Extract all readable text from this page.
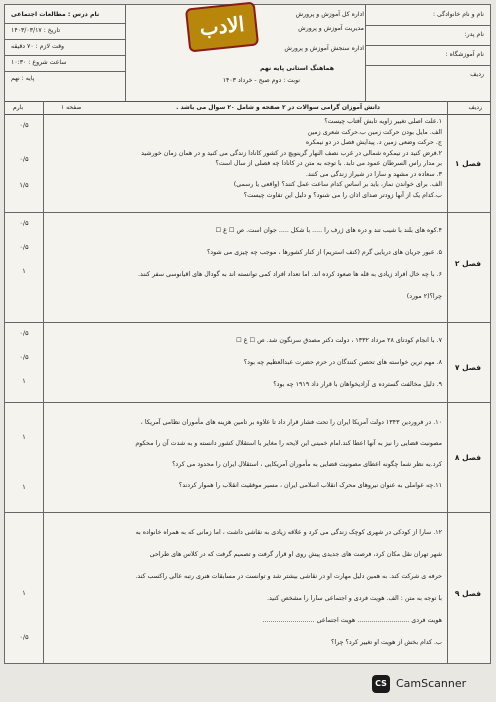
الادب	نام و نام خانوادگی :
نام پدر:
نام آموزشگاه :
ردیف
اداره کل آموزش و پرورش
مدیریت آموزش و پرورش
اداره سنجش آموزش و پرورش
هماهنگ استانی پایه نهم
نوبت : دوم صبح - خرداد ۱۴۰۳
نام درس : مطالعات اجتماعی
تاریخ : ۱۴۰۳/۰۳/۱۷
وقت لازم : ۷۰ دقیقه
ساعت شروع : ۱۰:۳۰
پایه : نهم
ردیف
دانش آموزان گرامی سوالات در ۲ صفحه و شامل ۲۰ سوال می باشد .
صفحه ۱
بارم
فصل ۱

۱.علت اصلی تغییر زاویه تابش آفتاب چیست؟

الف. مایل بودن حرکت زمین ب.حرکت شعری زمین

ج. حرکت وضعی زمین د. پیدایش فصل در دو نیمکره

۲.فرض کنید در نیمکره شمالی در غرب نصف النهار گرینویچ در کشور کانادا زندگی می کنید و در همان زمان خورشید

بر مدار راس السرطان عمود می تابد. با توجه به متن در کانادا چه فصلی از سال است؟

۳. سعاده در مشهد و سارا در شیراز زندگی می کنند.

الف. برای خواندن نماز، باید بر اساس کدام ساعت عمل کنند؟ (واقعی یا رسمی)

ب.کدام یک از آنها زودتر صدای اذان را می شنود؟ و دلیل این تفاوت چیست؟

۰/۵
۰/۵
۱/۵
فصل ۲

۴.کوه های بلند با شیب تند و دره های ژرف را ..... با شکل ..... جوان است. ص ☐ غ ☐

۵. عبور جریان های دریایی گرم (کنف استریم) از کنار کشورها ، موجب چه چیزی می شود؟

۶. با چه خال افراد زیادی به قله ها صعود کرده اند. اما تعداد افراد کمی توانسته اند به گودال های اقیانوسی سفر کنند.

چرا؟(۲ مورد)

۰/۵
۰/۵
۱
فصل ۷

۷. با انجام کودتای ۲۸ مرداد ۱۳۳۲ ، دولت دکتر مصدق سرنگون شد. ص ☐ غ ☐

۸. مهم ترین خواسته های تحصن کنندگان در حرم حضرت عبدالعظیم چه بود؟

۹. دلیل مخالفت گسترده ی آزادیخواهان با قرار داد ۱۹۱۹ چه بود؟

۰/۵
۰/۵
۱
فصل ۸

۱۰. در فروردین ۱۳۴۳ دولت آمریکا ایران را تحت فشار قرار داد تا علاوه بر تامین هزینه های مأموران نظامی آمریکا ،

مصونیت قضایی را نیز به آنها اعطا کند.امام خمینی این لایحه را مغایر با استقلال کشور دانسته و به شدت آن را محکوم

کرد.به نظر شما چگونه اعطای مصونیت قضایی به مأموران آمریکایی ، استقلال ایران را محدود می کرد؟

۱۱.چه عواملی به عنوان نیروهای محرک انقلاب اسلامی ایران ، مسیر موفقیت انقلاب را هموار کردند؟

۱
۱
فصل ۹

۱۲. سارا از کودکی در شهری کوچک زندگی می کرد و علاقه زیادی به نقاشی داشت ، اما زمانی که به همراه خانواده به

شهر تهران نقل مکان کرد، فرصت های جدیدی پیش روی او قرار گرفت و تصمیم گرفت که در کلاس های طراحی

حرفه ی شرکت کند. به همین دلیل مهارت او در نقاشی بیشتر شد و توانست در مسابقات هنری رتبه عالی راکسب کند.

با توجه به متن : الف. هویت فردی و اجتماعی سارا را مشخص کنید.

هویت فردی .......................... هویت اجتماعی ..........................

ب. کدام بخش از هویت او تغییر کرد؟ چرا؟

۱
۰/۵
CS CamScanner
